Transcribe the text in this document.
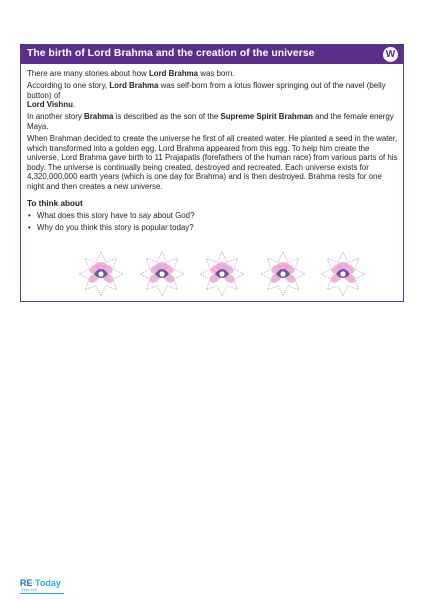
The birth of Lord Brahma and the creation of the universe	W

There are many stories about how Lord Brahma was born.

According to one story, Lord Brahma was self-born from a lotus flower springing out of the navel (belly button) of
Lord Vishnu.

In another story Brahma is described as the son of the Supreme Spirit Brahman and the female energy Maya.

When Brahman decided to create the universe he first of all created water. He planted a seed in the water, which transformed into a golden egg. Lord Brahma appeared from this egg. To help him create the universe, Lord Brahma gave birth to 11 Prajapatis (forefathers of the human race) from various parts of his body. The universe is continually being created, destroyed and recreated. Each universe exists for 4,320,000,000 earth years (which is one day for Brahma) and is then destroyed. Brahma rests for one night and then creates a new universe.

To think about

• What does this story have to say about God?
• Why do you think this story is popular today?
RE Today
Services
